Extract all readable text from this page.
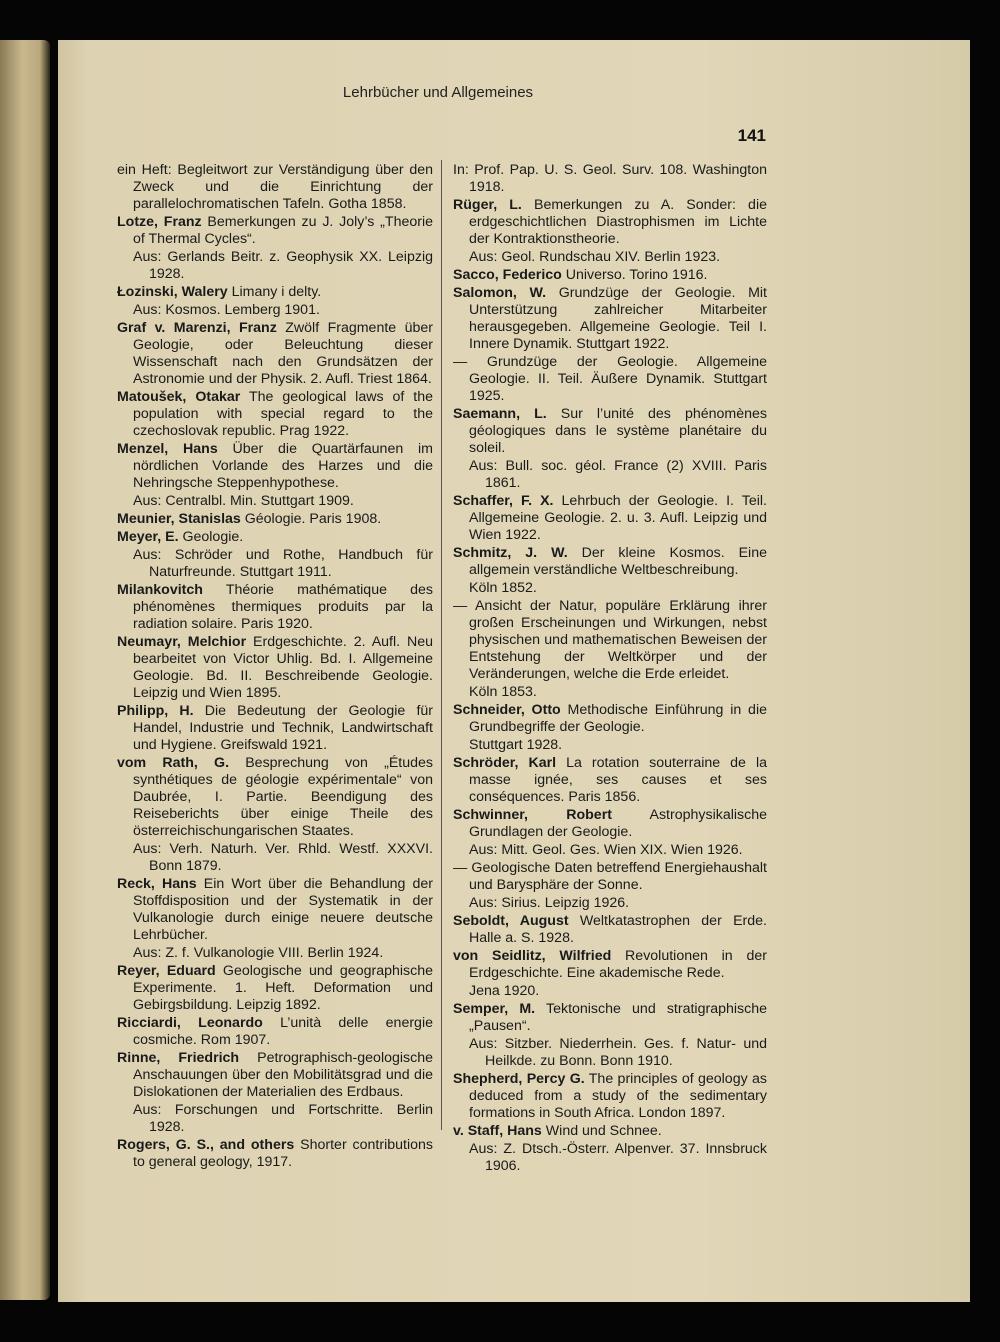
Lehrbücher und Allgemeines
141

ein Heft: Begleitwort zur Verständigung über den Zweck und die Einrichtung der parallelochromatischen Tafeln. Gotha 1858.

Lotze, Franz Bemerkungen zu J. Joly’s „Theorie of Thermal Cycles“.

Aus: Gerlands Beitr. z. Geophysik XX. Leipzig 1928.

Łozinski, Walery Limany i delty.

Aus: Kosmos. Lemberg 1901.

Graf v. Marenzi, Franz Zwölf Fragmente über Geologie, oder Beleuchtung dieser Wissenschaft nach den Grundsätzen der Astronomie und der Physik. 2. Aufl. Triest 1864.

Matoušek, Otakar The geological laws of the population with special regard to the czechoslovak republic. Prag 1922.

Menzel, Hans Über die Quartärfaunen im nördlichen Vorlande des Harzes und die Nehringsche Steppenhypothese.

Aus: Centralbl. Min. Stuttgart 1909.

Meunier, Stanislas Géologie. Paris 1908.

Meyer, E. Geologie.

Aus: Schröder und Rothe, Handbuch für Naturfreunde. Stuttgart 1911.

Milankovitch Théorie mathématique des phénomènes thermiques produits par la radiation solaire. Paris 1920.

Neumayr, Melchior Erdgeschichte. 2. Aufl. Neu bearbeitet von Victor Uhlig. Bd. I. Allgemeine Geologie. Bd. II. Beschreibende Geologie. Leipzig und Wien 1895.

Philipp, H. Die Bedeutung der Geologie für Handel, Industrie und Technik, Landwirtschaft und Hygiene. Greifswald 1921.

vom Rath, G. Besprechung von „Études synthétiques de géologie expérimentale“ von Daubrée, I. Partie. Beendigung des Reiseberichts über einige Theile des österreichischungarischen Staates.

Aus: Verh. Naturh. Ver. Rhld. Westf. XXXVI. Bonn 1879.

Reck, Hans Ein Wort über die Behandlung der Stoffdisposition und der Systematik in der Vulkanologie durch einige neuere deutsche Lehrbücher.

Aus: Z. f. Vulkanologie VIII. Berlin 1924.

Reyer, Eduard Geologische und geographische Experimente. 1. Heft. Deformation und Gebirgsbildung. Leipzig 1892.

Ricciardi, Leonardo L’unità delle energie cosmiche. Rom 1907.

Rinne, Friedrich Petrographisch-geologische Anschauungen über den Mobilitätsgrad und die Dislokationen der Materialien des Erdbaus.

Aus: Forschungen und Fortschritte. Berlin 1928.

Rogers, G. S., and others Shorter contributions to general geology, 1917.

In: Prof. Pap. U. S. Geol. Surv. 108. Washington 1918.

Rüger, L. Bemerkungen zu A. Sonder: die erdgeschichtlichen Diastrophismen im Lichte der Kontraktionstheorie.

Aus: Geol. Rundschau XIV. Berlin 1923.

Sacco, Federico Universo. Torino 1916.

Salomon, W. Grundzüge der Geologie. Mit Unterstützung zahlreicher Mitarbeiter herausgegeben. Allgemeine Geologie. Teil I. Innere Dynamik. Stuttgart 1922.

— Grundzüge der Geologie. Allgemeine Geologie. II. Teil. Äußere Dynamik. Stuttgart 1925.

Saemann, L. Sur l’unité des phénomènes géologiques dans le système planétaire du soleil.

Aus: Bull. soc. géol. France (2) XVIII. Paris 1861.

Schaffer, F. X. Lehrbuch der Geologie. I. Teil. Allgemeine Geologie. 2. u. 3. Aufl. Leipzig und Wien 1922.

Schmitz, J. W. Der kleine Kosmos. Eine allgemein verständliche Weltbeschreibung.

Köln 1852.

— Ansicht der Natur, populäre Erklärung ihrer großen Erscheinungen und Wirkungen, nebst physischen und mathematischen Beweisen der Entstehung der Weltkörper und der Veränderungen, welche die Erde erleidet.

Köln 1853.

Schneider, Otto Methodische Einführung in die Grundbegriffe der Geologie.

Stuttgart 1928.

Schröder, Karl La rotation souterraine de la masse ignée, ses causes et ses conséquences. Paris 1856.

Schwinner, Robert Astrophysikalische Grundlagen der Geologie.

Aus: Mitt. Geol. Ges. Wien XIX. Wien 1926.

— Geologische Daten betreffend Energiehaushalt und Barysphäre der Sonne.

Aus: Sirius. Leipzig 1926.

Seboldt, August Weltkatastrophen der Erde. Halle a. S. 1928.

von Seidlitz, Wilfried Revolutionen in der Erdgeschichte. Eine akademische Rede.

Jena 1920.

Semper, M. Tektonische und stratigraphische „Pausen“.

Aus: Sitzber. Niederrhein. Ges. f. Natur- und Heilkde. zu Bonn. Bonn 1910.

Shepherd, Percy G. The principles of geology as deduced from a study of the sedimentary formations in South Africa. London 1897.

v. Staff, Hans Wind und Schnee.

Aus: Z. Dtsch.-Österr. Alpenver. 37. Innsbruck 1906.
